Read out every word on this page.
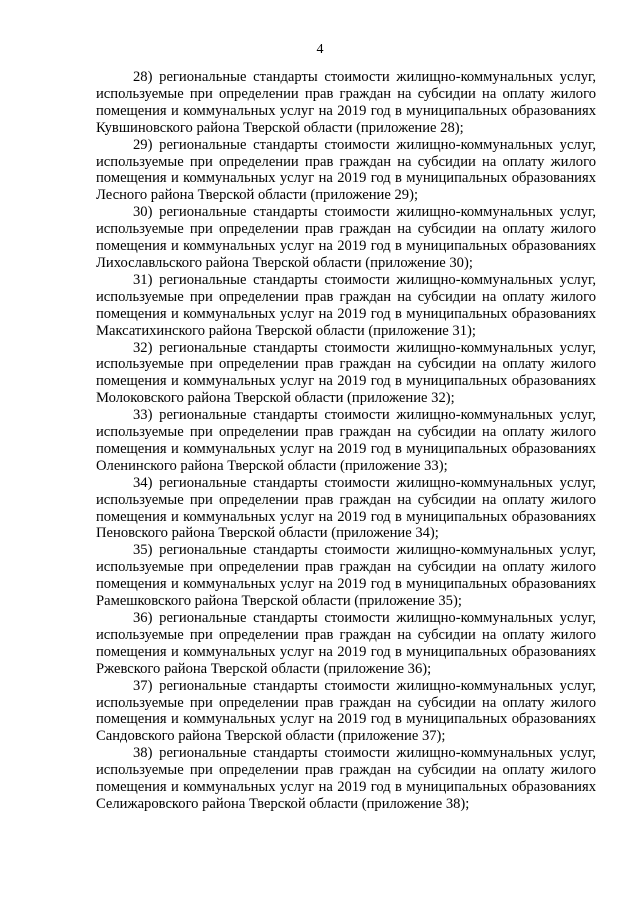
4

28) региональные стандарты стоимости жилищно-коммунальных услуг, используемые при определении прав граждан на субсидии на оплату жилого помещения и коммунальных услуг на 2019 год в муниципальных образованиях Кувшиновского района Тверской области (приложение 28);

29) региональные стандарты стоимости жилищно-коммунальных услуг, используемые при определении прав граждан на субсидии на оплату жилого помещения и коммунальных услуг на 2019 год в муниципальных образованиях Лесного района Тверской области (приложение 29);

30) региональные стандарты стоимости жилищно-коммунальных услуг, используемые при определении прав граждан на субсидии на оплату жилого помещения и коммунальных услуг на 2019 год в муниципальных образованиях Лихославльского района Тверской области (приложение 30);

31) региональные стандарты стоимости жилищно-коммунальных услуг, используемые при определении прав граждан на субсидии на оплату жилого помещения и коммунальных услуг на 2019 год в муниципальных образованиях Максатихинского района Тверской области (приложение 31);

32) региональные стандарты стоимости жилищно-коммунальных услуг, используемые при определении прав граждан на субсидии на оплату жилого помещения и коммунальных услуг на 2019 год в муниципальных образованиях Молоковского района Тверской области (приложение 32);

33) региональные стандарты стоимости жилищно-коммунальных услуг, используемые при определении прав граждан на субсидии на оплату жилого помещения и коммунальных услуг на 2019 год в муниципальных образованиях Оленинского района Тверской области (приложение 33);

34) региональные стандарты стоимости жилищно-коммунальных услуг, используемые при определении прав граждан на субсидии на оплату жилого помещения и коммунальных услуг на 2019 год в муниципальных образованиях Пеновского района Тверской области (приложение 34);

35) региональные стандарты стоимости жилищно-коммунальных услуг, используемые при определении прав граждан на субсидии на оплату жилого помещения и коммунальных услуг на 2019 год в муниципальных образованиях Рамешковского района Тверской области (приложение 35);

36) региональные стандарты стоимости жилищно-коммунальных услуг, используемые при определении прав граждан на субсидии на оплату жилого помещения и коммунальных услуг на 2019 год в муниципальных образованиях Ржевского района Тверской области (приложение 36);

37) региональные стандарты стоимости жилищно-коммунальных услуг, используемые при определении прав граждан на субсидии на оплату жилого помещения и коммунальных услуг на 2019 год в муниципальных образованиях Сандовского района Тверской области (приложение 37);

38) региональные стандарты стоимости жилищно-коммунальных услуг, используемые при определении прав граждан на субсидии на оплату жилого помещения и коммунальных услуг на 2019 год в муниципальных образованиях Селижаровского района Тверской области (приложение 38);
